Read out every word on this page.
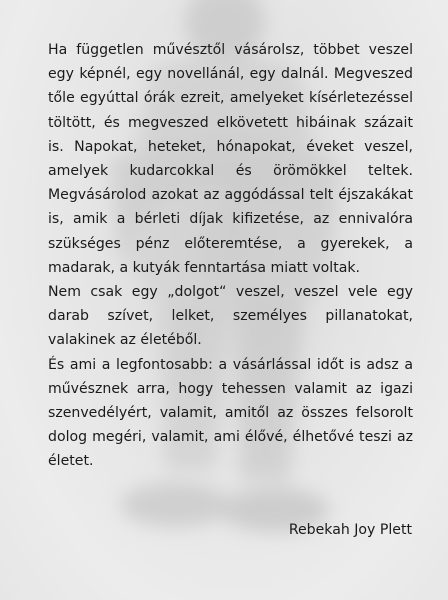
Ha független művésztől vásárolsz, többet veszel egy képnél, egy novellánál, egy dalnál. Megveszed tőle egyúttal órák ezreit, amelyeket kísérletezéssel töltött, és megveszed elkövetett hibáinak százait is. Napokat, heteket, hónapokat, éveket veszel, amelyek kudarcokkal és örömökkel teltek. Megvásárolod azokat az aggódással telt éjszakákat is, amik a bérleti díjak kifizetése, az ennivalóra szükséges pénz előteremtése, a gyerekek, a madarak, a kutyák fenntartása miatt voltak.

Nem csak egy „dolgot“ veszel, veszel vele egy darab szívet, lelket, személyes pillanatokat, valakinek az életéből.

És ami a legfontosabb: a vásárlással időt is adsz a művésznek arra, hogy tehessen valamit az igazi szenvedélyért, valamit, amitől az összes felsorolt dolog megéri, valamit, ami élővé, élhetővé teszi az életet.

Rebekah Joy Plett
